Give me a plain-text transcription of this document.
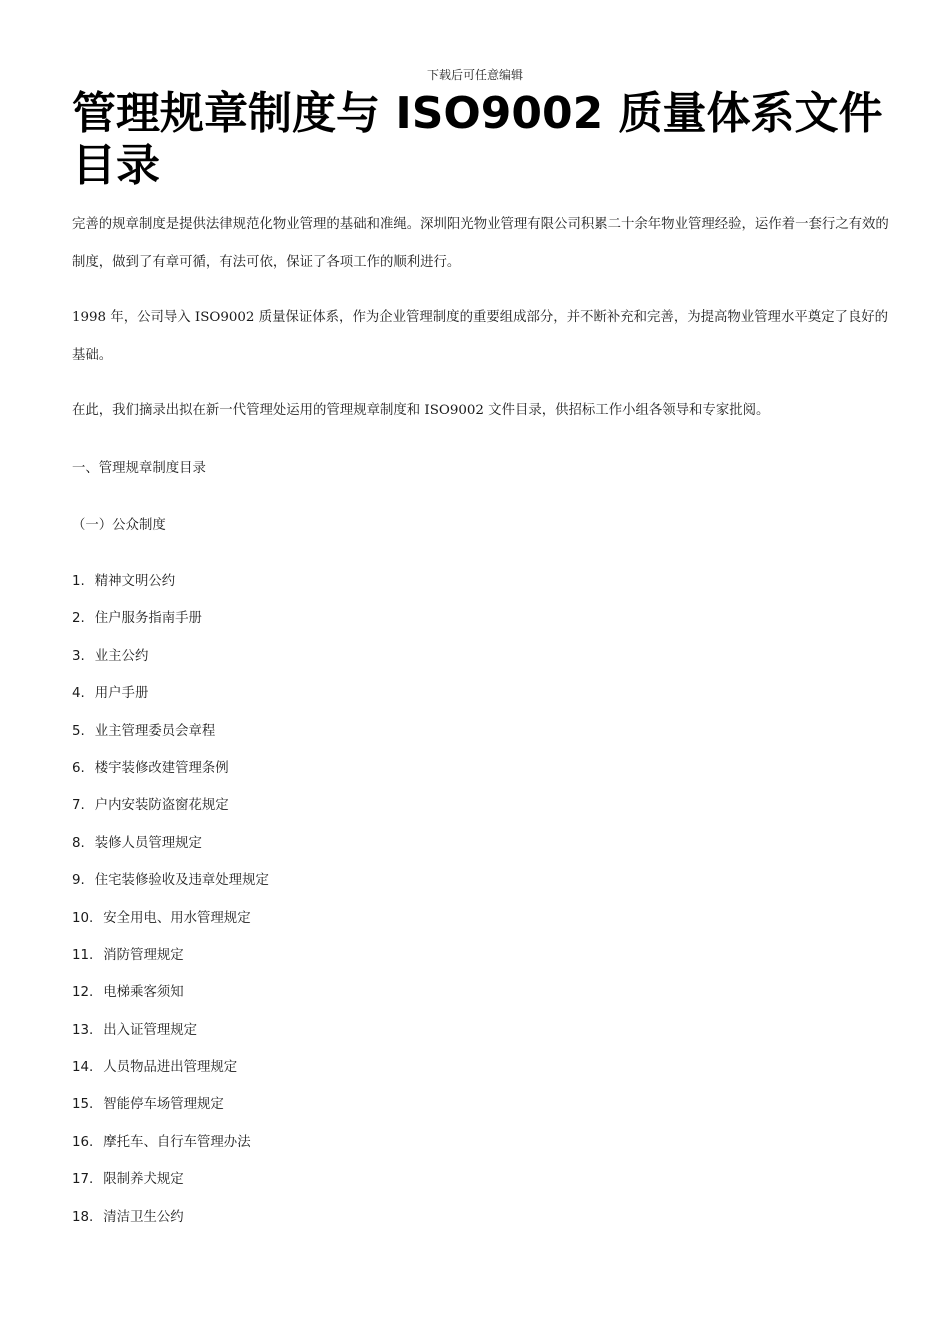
下载后可任意编辑
管理规章制度与 ISO9002 质量体系文件目录

完善的规章制度是提供法律规范化物业管理的基础和准绳。深圳阳光物业管理有限公司积累二十余年物业管理经验，运作着一套行之有效的制度，做到了有章可循，有法可依，保证了各项工作的顺利进行。

1998 年，公司导入 ISO9002 质量保证体系，作为企业管理制度的重要组成部分，并不断补充和完善，为提高物业管理水平奠定了良好的基础。

在此，我们摘录出拟在新一代管理处运用的管理规章制度和 ISO9002 文件目录，供招标工作小组各领导和专家批阅。

一、管理规章制度目录
（一）公众制度
1. 精神文明公约
2. 住户服务指南手册
3. 业主公约
4. 用户手册
5. 业主管理委员会章程
6. 楼宇装修改建管理条例
7. 户内安装防盗窗花规定
8. 装修人员管理规定
9. 住宅装修验收及违章处理规定
10. 安全用电、用水管理规定
11. 消防管理规定
12. 电梯乘客须知
13. 出入证管理规定
14. 人员物品进出管理规定
15. 智能停车场管理规定
16. 摩托车、自行车管理办法
17. 限制养犬规定
18. 清洁卫生公约
